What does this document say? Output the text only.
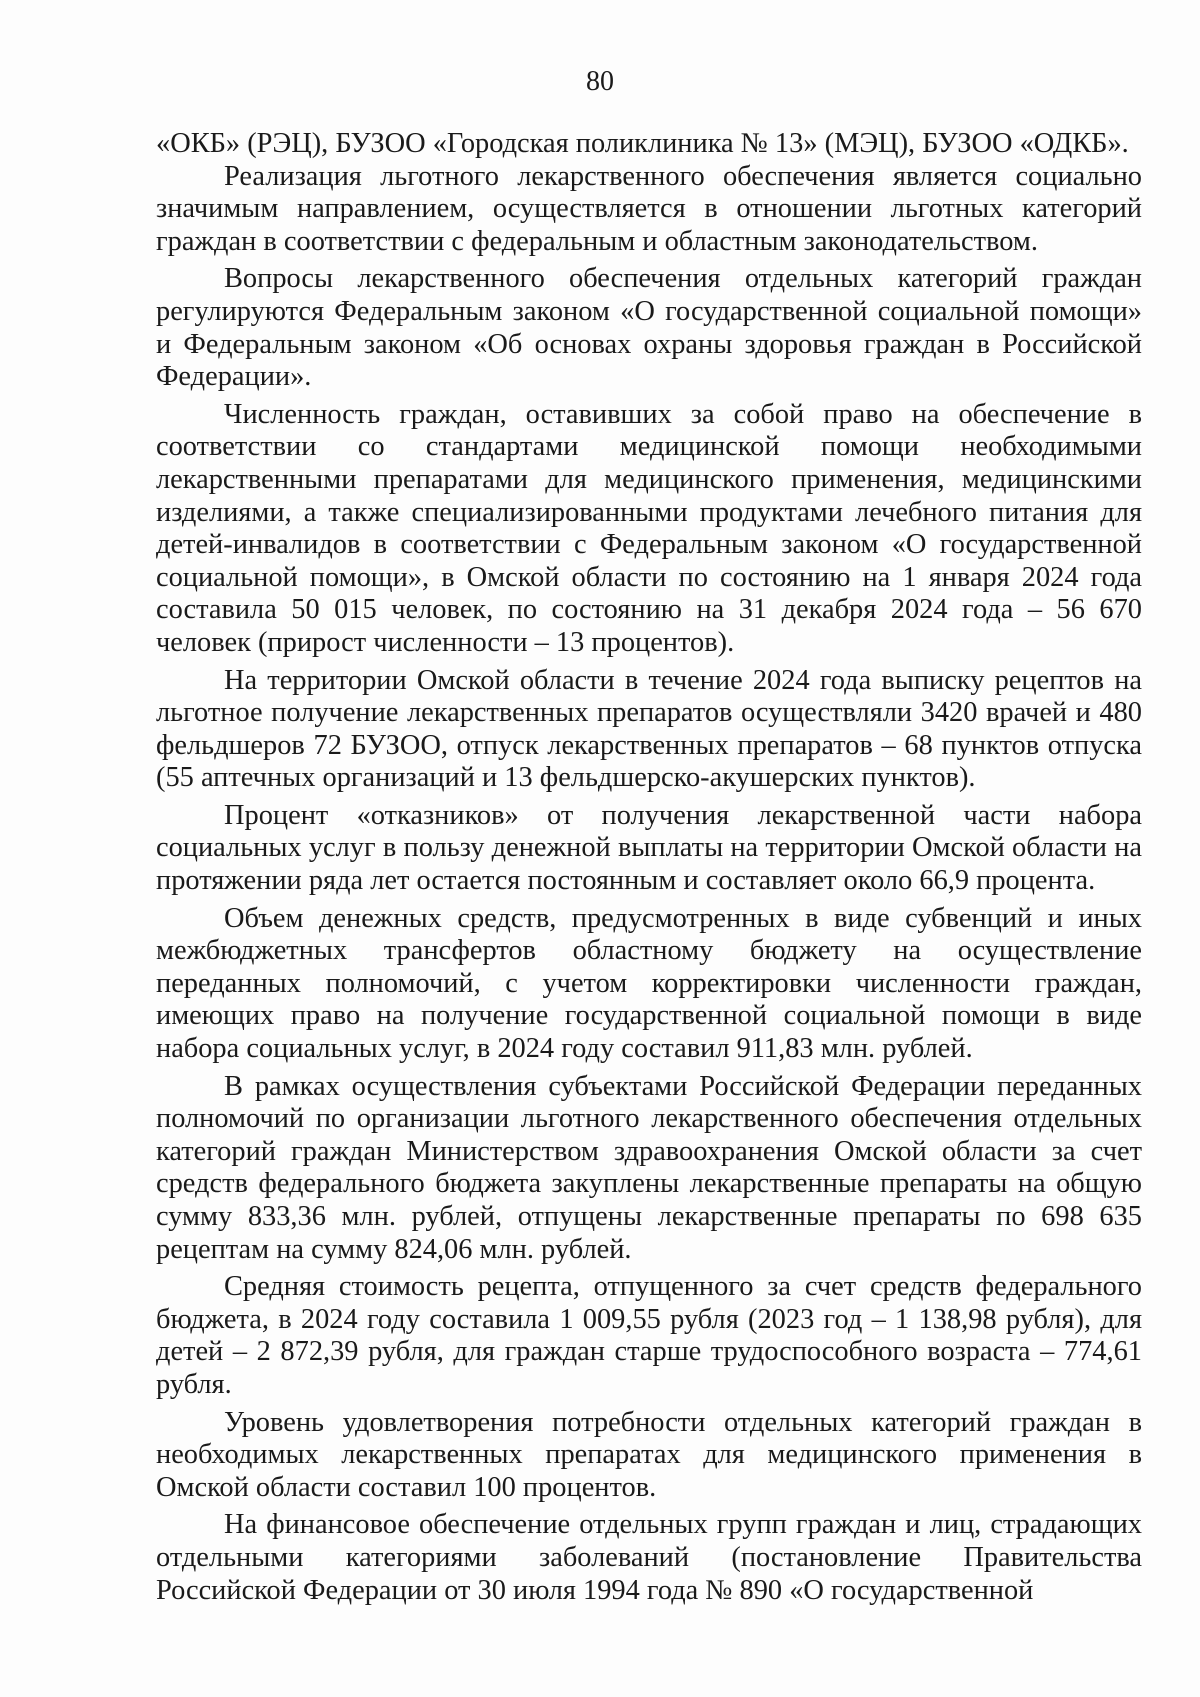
80

«ОКБ» (РЭЦ), БУЗОО «Городская поликлиника № 13» (МЭЦ), БУЗОО «ОДКБ».

Реализация льготного лекарственного обеспечения является социально значимым направлением, осуществляется в отношении льготных категорий граждан в соответствии с федеральным и областным законодательством.

Вопросы лекарственного обеспечения отдельных категорий граждан регулируются Федеральным законом «О государственной социальной помощи» и Федеральным законом «Об основах охраны здоровья граждан в Российской Федерации».

Численность граждан, оставивших за собой право на обеспечение в соответствии со стандартами медицинской помощи необходимыми лекарственными препаратами для медицинского применения, медицинскими изделиями, а также специализированными продуктами лечебного питания для детей-инвалидов в соответствии с Федеральным законом «О государственной социальной помощи», в Омской области по состоянию на 1 января 2024 года составила 50 015 человек, по состоянию на 31 декабря 2024 года – 56 670 человек (прирост численности – 13 процентов).

На территории Омской области в течение 2024 года выписку рецептов на льготное получение лекарственных препаратов осуществляли 3420 врачей и 480 фельдшеров 72 БУЗОО, отпуск лекарственных препаратов – 68 пунктов отпуска (55 аптечных организаций и 13 фельдшерско-акушерских пунктов).

Процент «отказников» от получения лекарственной части набора социальных услуг в пользу денежной выплаты на территории Омской области на протяжении ряда лет остается постоянным и составляет около 66,9 процента.

Объем денежных средств, предусмотренных в виде субвенций и иных межбюджетных трансфертов областному бюджету на осуществление переданных полномочий, с учетом корректировки численности граждан, имеющих право на получение государственной социальной помощи в виде набора социальных услуг, в 2024 году составил 911,83 млн. рублей.

В рамках осуществления субъектами Российской Федерации переданных полномочий по организации льготного лекарственного обеспечения отдельных категорий граждан Министерством здравоохранения Омской области за счет средств федерального бюджета закуплены лекарственные препараты на общую сумму 833,36 млн. рублей, отпущены лекарственные препараты по 698 635 рецептам на сумму 824,06 млн. рублей.

Средняя стоимость рецепта, отпущенного за счет средств федерального бюджета, в 2024 году составила 1 009,55 рубля (2023 год – 1 138,98 рубля), для детей – 2 872,39 рубля, для граждан старше трудоспособного возраста – 774,61 рубля.

Уровень удовлетворения потребности отдельных категорий граждан в необходимых лекарственных препаратах для медицинского применения в Омской области составил 100 процентов.

На финансовое обеспечение отдельных групп граждан и лиц, страдающих отдельными категориями заболеваний (постановление Правительства Российской Федерации от 30 июля 1994 года № 890 «О государственной
